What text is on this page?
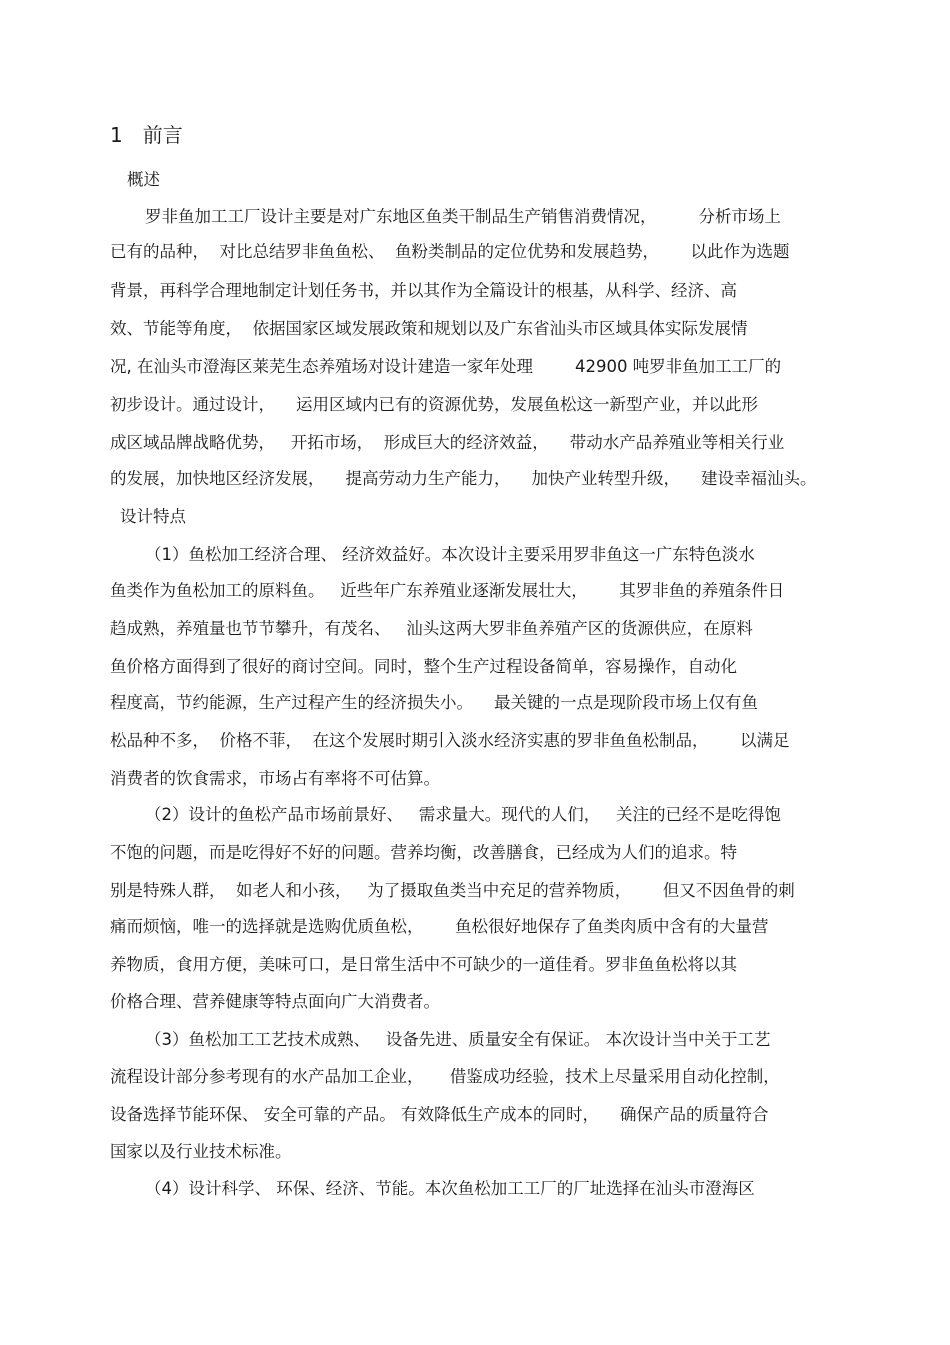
1 前言
概述
罗非鱼加工工厂设计主要是对广东地区鱼类干制品生产销售消费情况，        分析市场上
已有的品种，  对比总结罗非鱼鱼松、  鱼粉类制品的定位优势和发展趋势，      以此作为选题
背景，再科学合理地制定计划任务书，并以其作为全篇设计的根基，从科学、经济、高
效、节能等角度，  依据国家区域发展政策和规划以及广东省汕头市区域具体实际发展情
况, 在汕头市澄海区莱芜生态养殖场对设计建造一家年处理        42900 吨罗非鱼加工工厂的
初步设计。通过设计，    运用区域内已有的资源优势，发展鱼松这一新型产业，并以此形
成区域品牌战略优势，   开拓市场，  形成巨大的经济效益，    带动水产品养殖业等相关行业
的发展，加快地区经济发展，    提高劳动力生产能力，    加快产业转型升级，    建设幸福汕头。
设计特点
（1）鱼松加工经济合理、 经济效益好。本次设计主要采用罗非鱼这一广东特色淡水
鱼类作为鱼松加工的原料鱼。   近些年广东养殖业逐渐发展壮大，      其罗非鱼的养殖条件日
趋成熟，养殖量也节节攀升，有茂名、   汕头这两大罗非鱼养殖产区的货源供应，在原料
鱼价格方面得到了很好的商讨空间。同时，整个生产过程设备简单，容易操作，自动化
程度高，节约能源，生产过程产生的经济损失小。    最关键的一点是现阶段市场上仅有鱼
松品种不多，  价格不菲，  在这个发展时期引入淡水经济实惠的罗非鱼鱼松制品，      以满足
消费者的饮食需求，市场占有率将不可估算。
（2）设计的鱼松产品市场前景好、   需求量大。现代的人们，   关注的已经不是吃得饱
不饱的问题，而是吃得好不好的问题。营养均衡，改善膳食，已经成为人们的追求。特
别是特殊人群，  如老人和小孩，   为了摄取鱼类当中充足的营养物质，      但又不因鱼骨的刺
痛而烦恼，唯一的选择就是选购优质鱼松，      鱼松很好地保存了鱼类肉质中含有的大量营
养物质，食用方便，美味可口，是日常生活中不可缺少的一道佳肴。罗非鱼鱼松将以其
价格合理、营养健康等特点面向广大消费者。
（3）鱼松加工工艺技术成熟、   设备先进、质量安全有保证。 本次设计当中关于工艺
流程设计部分参考现有的水产品加工企业，     借鉴成功经验，技术上尽量采用自动化控制，
设备选择节能环保、 安全可靠的产品。 有效降低生产成本的同时，    确保产品的质量符合
国家以及行业技术标准。
（4）设计科学、 环保、经济、节能。本次鱼松加工工厂的厂址选择在汕头市澄海区
